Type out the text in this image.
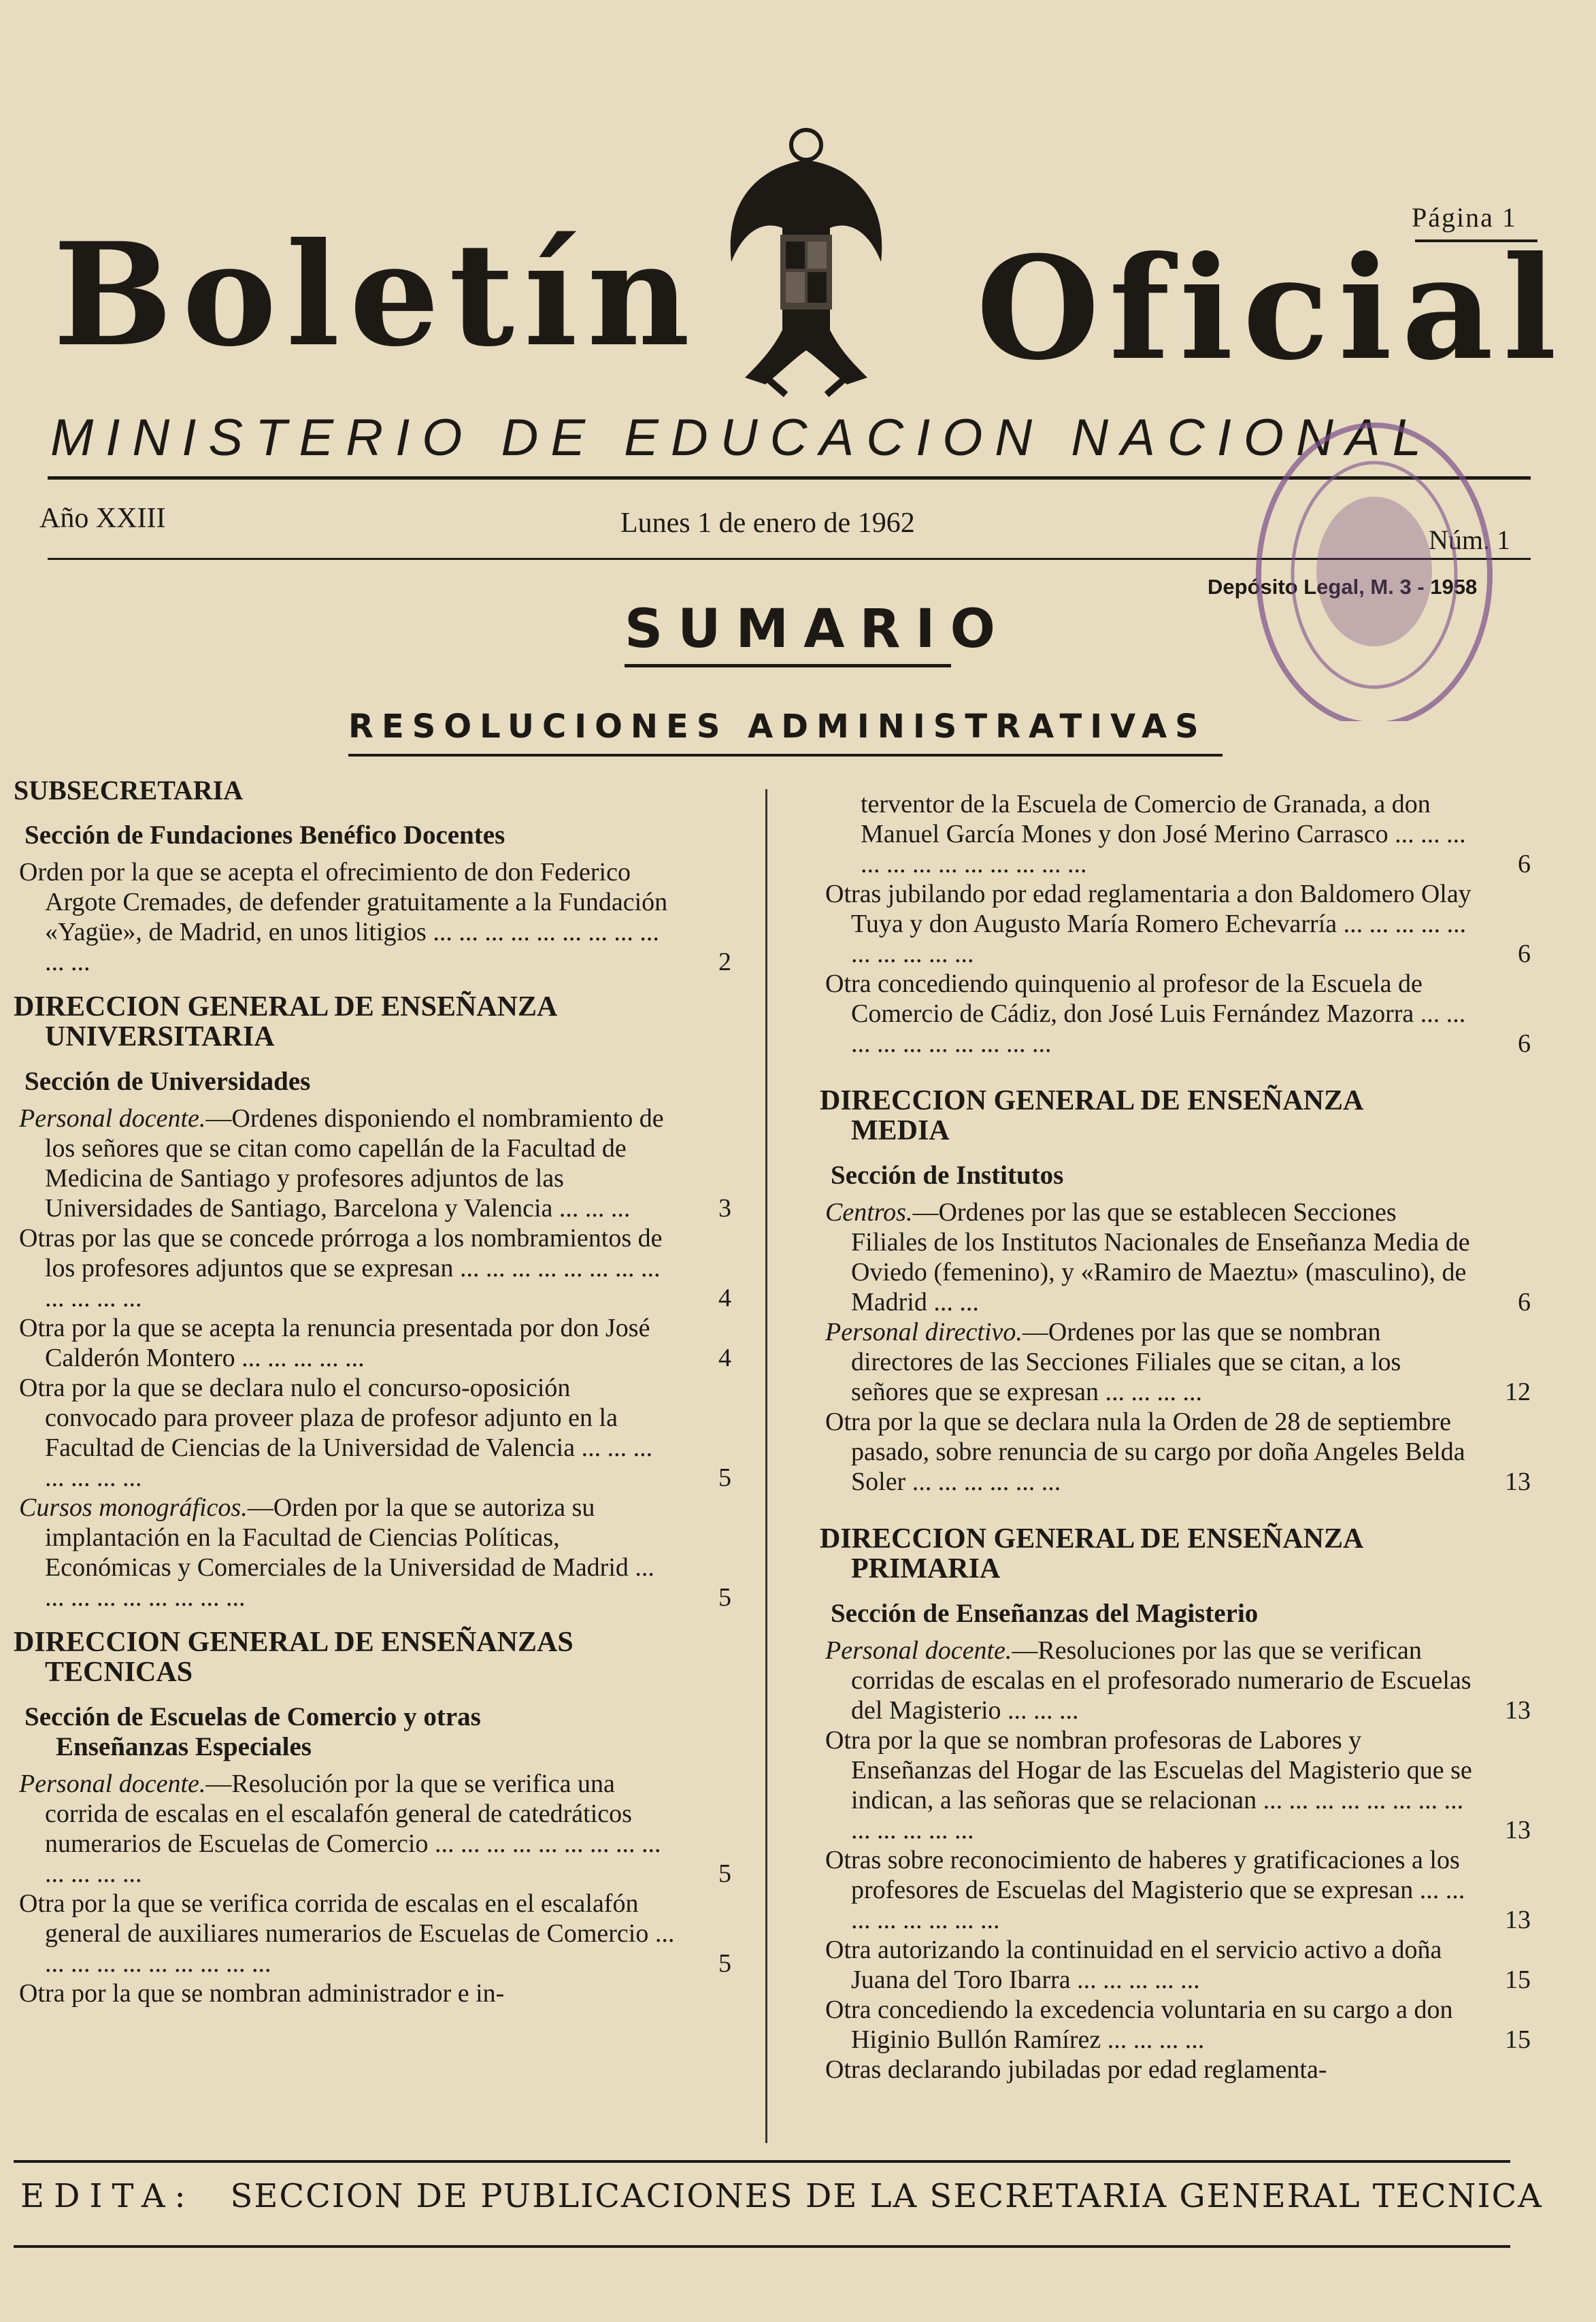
Página 1
Boletín Oficial
MINISTERIO DE EDUCACION NACIONAL
Año XXIII	Lunes 1 de enero de 1962
Núm. 1
Depósito Legal, M. 3 - 1958
SUMARIO
RESOLUCIONES ADMINISTRATIVAS
SUBSECRETARIA
Sección de Fundaciones Benéfico Docentes
Orden por la que se acepta el ofrecimiento de don Federico Argote Cremades, de defender gratuitamente a la Fundación «Yagüe», de Madrid, en unos litigios ... ... ... ... ... ... ... ... ... ... ...	2
DIRECCION GENERAL DE ENSEÑANZA
UNIVERSITARIA
Sección de Universidades
Personal docente.—Ordenes disponiendo el nombramiento de los señores que se citan como capellán de la Facultad de Medicina de Santiago y profesores adjuntos de las Universidades de Santiago, Barcelona y Valencia ... ... ...	3
Otras por las que se concede prórroga a los nombramientos de los profesores adjuntos que se expresan ... ... ... ... ... ... ... ... ... ... ... ...	4
Otra por la que se acepta la renuncia presentada por don José Calderón Montero ... ... ... ... ...	4
Otra por la que se declara nulo el concurso-oposición convocado para proveer plaza de profesor adjunto en la Facultad de Ciencias de la Universidad de Valencia ... ... ... ... ... ... ...	5
Cursos monográficos.—Orden por la que se autoriza su implantación en la Facultad de Ciencias Políticas, Económicas y Comerciales de la Universidad de Madrid ... ... ... ... ... ... ... ... ...	5
DIRECCION GENERAL DE ENSEÑANZAS
TECNICAS
Sección de Escuelas de Comercio y otras
Enseñanzas Especiales
Personal docente.—Resolución por la que se verifica una corrida de escalas en el escalafón general de catedráticos numerarios de Escuelas de Comercio ... ... ... ... ... ... ... ... ... ... ... ... ...	5
Otra por la que se verifica corrida de escalas en el escalafón general de auxiliares numerarios de Escuelas de Comercio ... ... ... ... ... ... ... ... ... ...	5
Otra por la que se nombran administrador e in-
terventor de la Escuela de Comercio de Granada, a don Manuel García Mones y don José Merino Carrasco ... ... ... ... ... ... ... ... ... ... ... ...	6
Otras jubilando por edad reglamentaria a don Baldomero Olay Tuya y don Augusto María Romero Echevarría ... ... ... ... ... ... ... ... ... ...	6
Otra concediendo quinquenio al profesor de la Escuela de Comercio de Cádiz, don José Luis Fernández Mazorra ... ... ... ... ... ... ... ... ... ...	6
DIRECCION GENERAL DE ENSEÑANZA
MEDIA
Sección de Institutos
Centros.—Ordenes por las que se establecen Secciones Filiales de los Institutos Nacionales de Enseñanza Media de Oviedo (femenino), y «Ramiro de Maeztu» (masculino), de Madrid ... ...	6
Personal directivo.—Ordenes por las que se nombran directores de las Secciones Filiales que se citan, a los señores que se expresan ... ... ... ...	12
Otra por la que se declara nula la Orden de 28 de septiembre pasado, sobre renuncia de su cargo por doña Angeles Belda Soler ... ... ... ... ... ...	13
DIRECCION GENERAL DE ENSEÑANZA
PRIMARIA
Sección de Enseñanzas del Magisterio
Personal docente.—Resoluciones por las que se verifican corridas de escalas en el profesorado numerario de Escuelas del Magisterio ... ... ...	13
Otra por la que se nombran profesoras de Labores y Enseñanzas del Hogar de las Escuelas del Magisterio que se indican, a las señoras que se relacionan ... ... ... ... ... ... ... ... ... ... ... ... ...	13
Otras sobre reconocimiento de haberes y gratificaciones a los profesores de Escuelas del Magisterio que se expresan ... ... ... ... ... ... ... ...	13
Otra autorizando la continuidad en el servicio activo a doña Juana del Toro Ibarra ... ... ... ... ...	15
Otra concediendo la excedencia voluntaria en su cargo a don Higinio Bullón Ramírez ... ... ... ...	15
Otras declarando jubiladas por edad reglamenta-
EDITA: SECCION DE PUBLICACIONES DE LA SECRETARIA GENERAL TECNICA
